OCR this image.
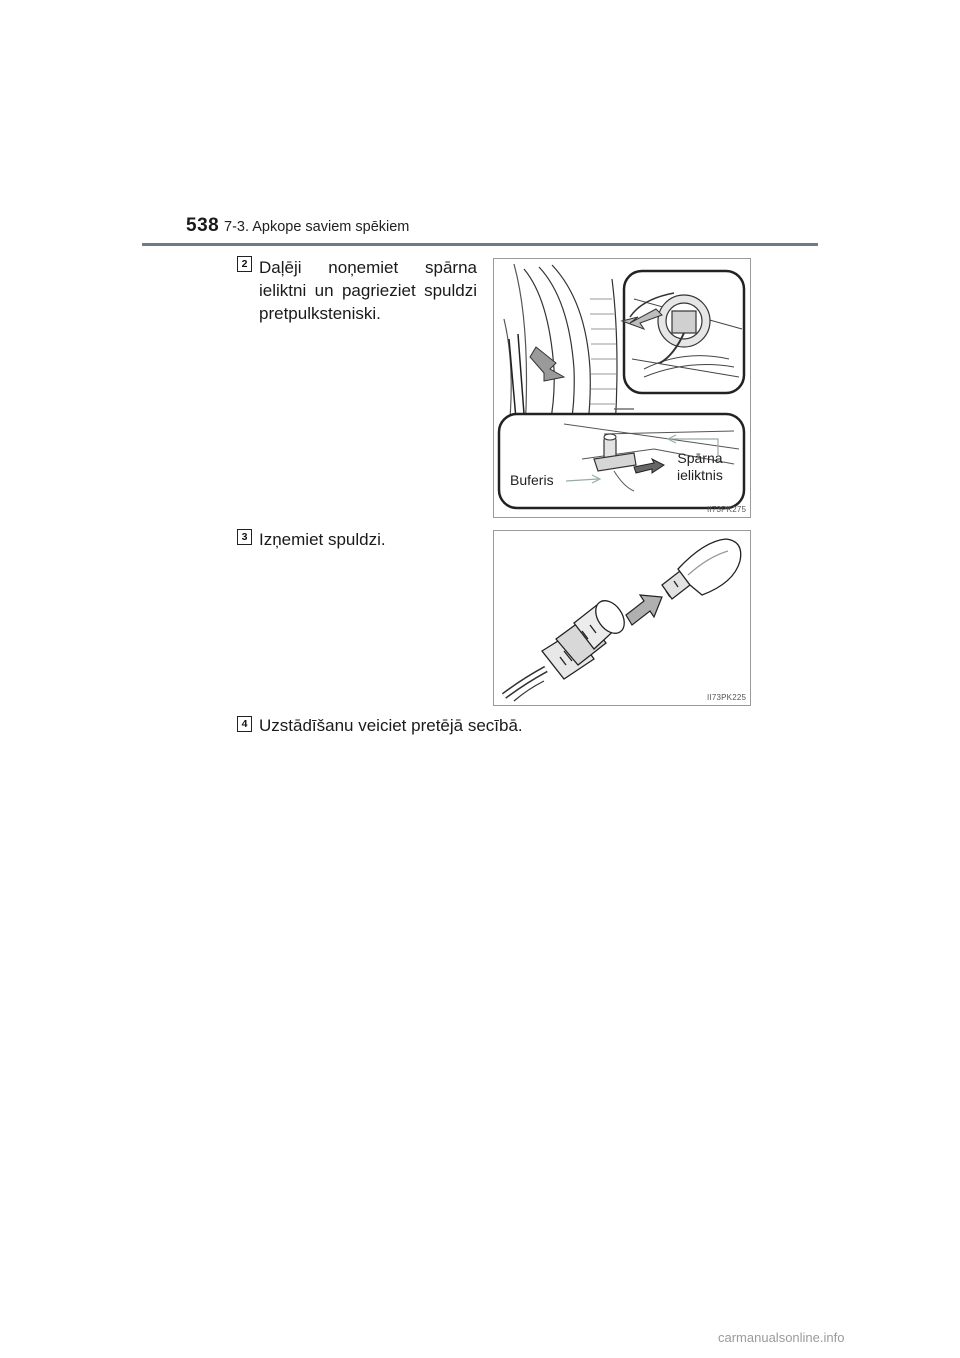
538 7-3. Apkope saviem spēkiem
2 Daļēji noņemiet spārna
ieliktni un pagrieziet spuldzi
pretpulksteniski.
Buferis
Spārna
ieliktnis
II73PK275
3 Izņemiet spuldzi.
II73PK225
4 Uzstādīšanu veiciet pretējā secībā.
carmanualsonline.info
